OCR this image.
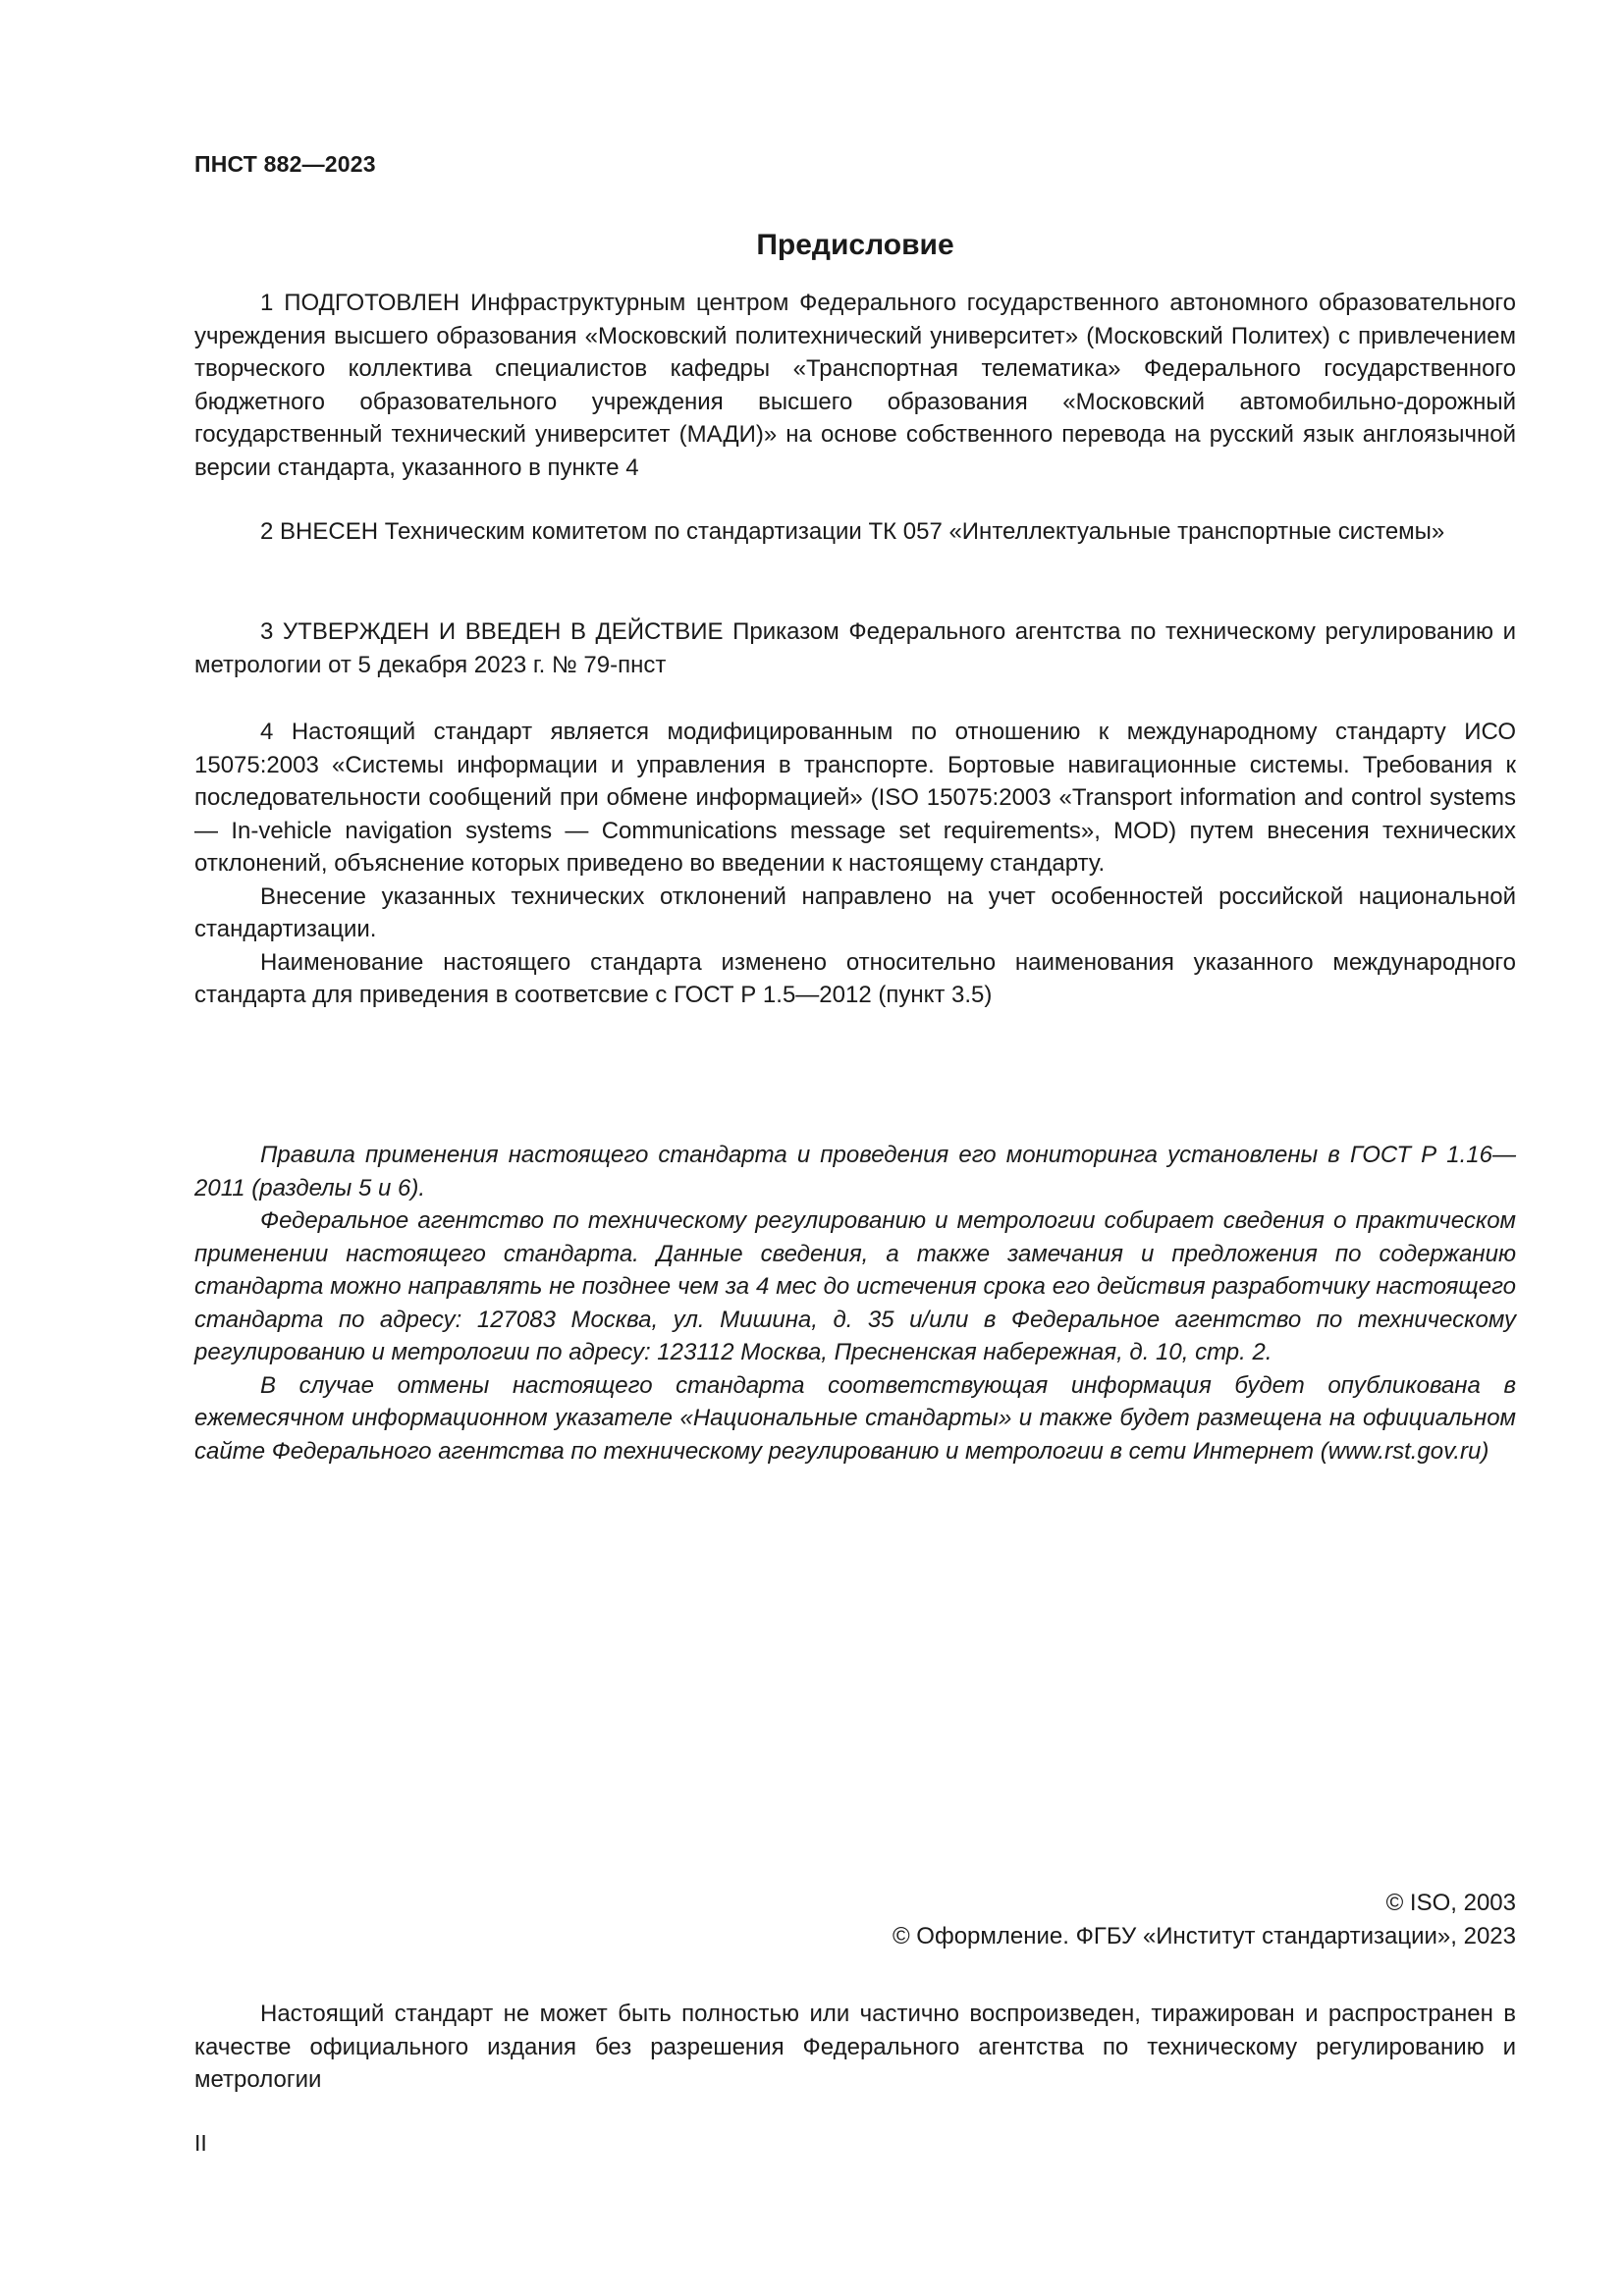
ПНСТ 882—2023
Предисловие

1 ПОДГОТОВЛЕН Инфраструктурным центром Федерального государственного автономного образовательного учреждения высшего образования «Московский политехнический университет» (Московский Политех) с привлечением творческого коллектива специалистов кафедры «Транспортная телематика» Федерального государственного бюджетного образовательного учреждения высшего образования «Московский автомобильно-дорожный государственный технический университет (МАДИ)» на основе собственного перевода на русский язык англоязычной версии стандарта, указанного в пункте 4

2 ВНЕСЕН Техническим комитетом по стандартизации ТК 057 «Интеллектуальные транспортные системы»

3 УТВЕРЖДЕН И ВВЕДЕН В ДЕЙСТВИЕ Приказом Федерального агентства по техническому регулированию и метрологии от 5 декабря 2023 г. № 79-пнст

4 Настоящий стандарт является модифицированным по отношению к международному стандарту ИСО 15075:2003 «Системы информации и управления в транспорте. Бортовые навигационные системы. Требования к последовательности сообщений при обмене информацией» (ISO 15075:2003 «Transport information and control systems — In-vehicle navigation systems — Communications message set requirements», MOD) путем внесения технических отклонений, объяснение которых приведено во введении к настоящему стандарту.

Внесение указанных технических отклонений направлено на учет особенностей российской национальной стандартизации.

Наименование настоящего стандарта изменено относительно наименования указанного международного стандарта для приведения в соответсвие с ГОСТ Р 1.5—2012 (пункт 3.5)

Правила применения настоящего стандарта и проведения его мониторинга установлены в ГОСТ Р 1.16—2011 (разделы 5 и 6).

Федеральное агентство по техническому регулированию и метрологии собирает сведения о практическом применении настоящего стандарта. Данные сведения, а также замечания и предложения по содержанию стандарта можно направлять не позднее чем за 4 мес до истечения срока его действия разработчику настоящего стандарта по адресу: 127083 Москва, ул. Мишина, д. 35 и/или в Федеральное агентство по техническому регулированию и метрологии по адресу: 123112 Москва, Пресненская набережная, д. 10, стр. 2.

В случае отмены настоящего стандарта соответствующая информация будет опубликована в ежемесячном информационном указателе «Национальные стандарты» и также будет размещена на официальном сайте Федерального агентства по техническому регулированию и метрологии в сети Интернет (www.rst.gov.ru)

© ISO, 2003
© Оформление. ФГБУ «Институт стандартизации», 2023

Настоящий стандарт не может быть полностью или частично воспроизведен, тиражирован и распространен в качестве официального издания без разрешения Федерального агентства по техническому регулированию и метрологии

II
